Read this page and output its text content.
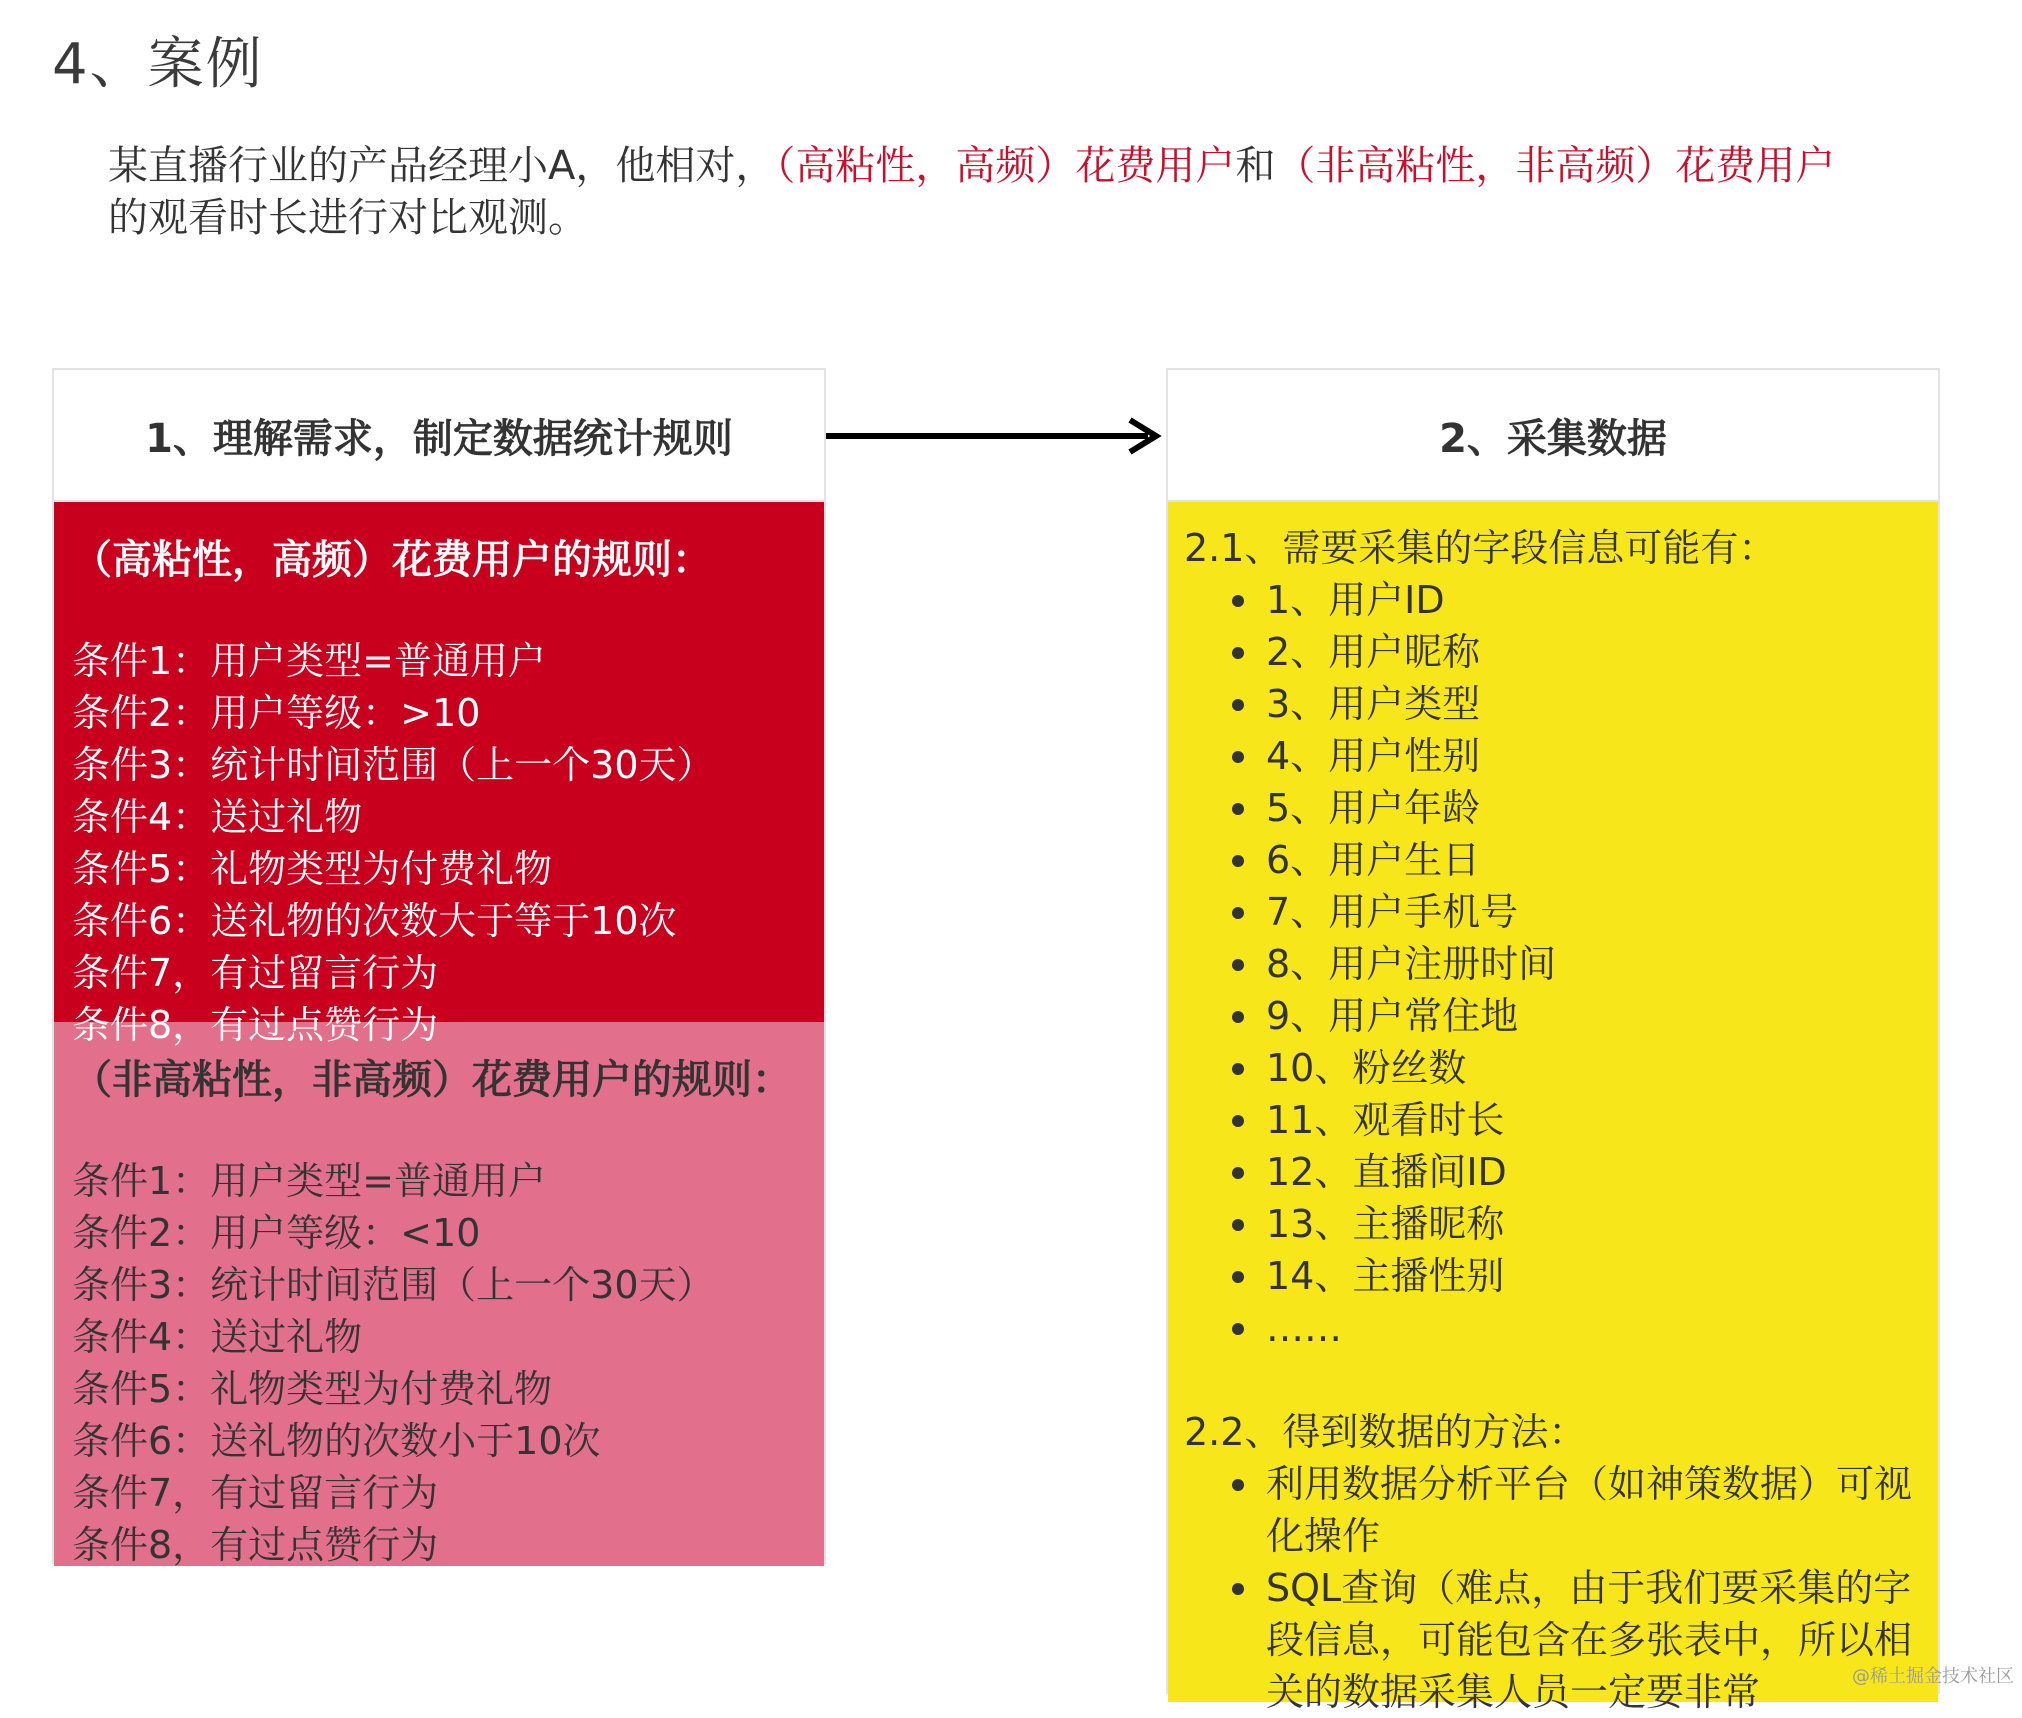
4、案例
某直播行业的产品经理小A，他相对，（高粘性，高频）花费用户和（非高粘性，非高频）花费用户的观看时长进行对比观测。
1、理解需求，制定数据统计规则
（高粘性，高频）花费用户的规则：
条件1：用户类型=普通用户
条件2：用户等级：>10
条件3：统计时间范围（上一个30天）
条件4：送过礼物
条件5：礼物类型为付费礼物
条件6：送礼物的次数大于等于10次
条件7，有过留言行为
条件8，有过点赞行为
（非高粘性，非高频）花费用户的规则：
条件1：用户类型=普通用户
条件2：用户等级：<10
条件3：统计时间范围（上一个30天）
条件4：送过礼物
条件5：礼物类型为付费礼物
条件6：送礼物的次数小于10次
条件7，有过留言行为
条件8，有过点赞行为
2、采集数据
2.1、需要采集的字段信息可能有：
1、用户ID
2、用户昵称
3、用户类型
4、用户性别
5、用户年龄
6、用户生日
7、用户手机号
8、用户注册时间
9、用户常住地
10、粉丝数
11、观看时长
12、直播间ID
13、主播昵称
14、主播性别
……
2.2、得到数据的方法：
利用数据分析平台（如神策数据）可视化操作
SQL查询（难点，由于我们要采集的字段信息，可能包含在多张表中，所以相关的数据采集人员一定要非常	@稀土掘金技术社区
